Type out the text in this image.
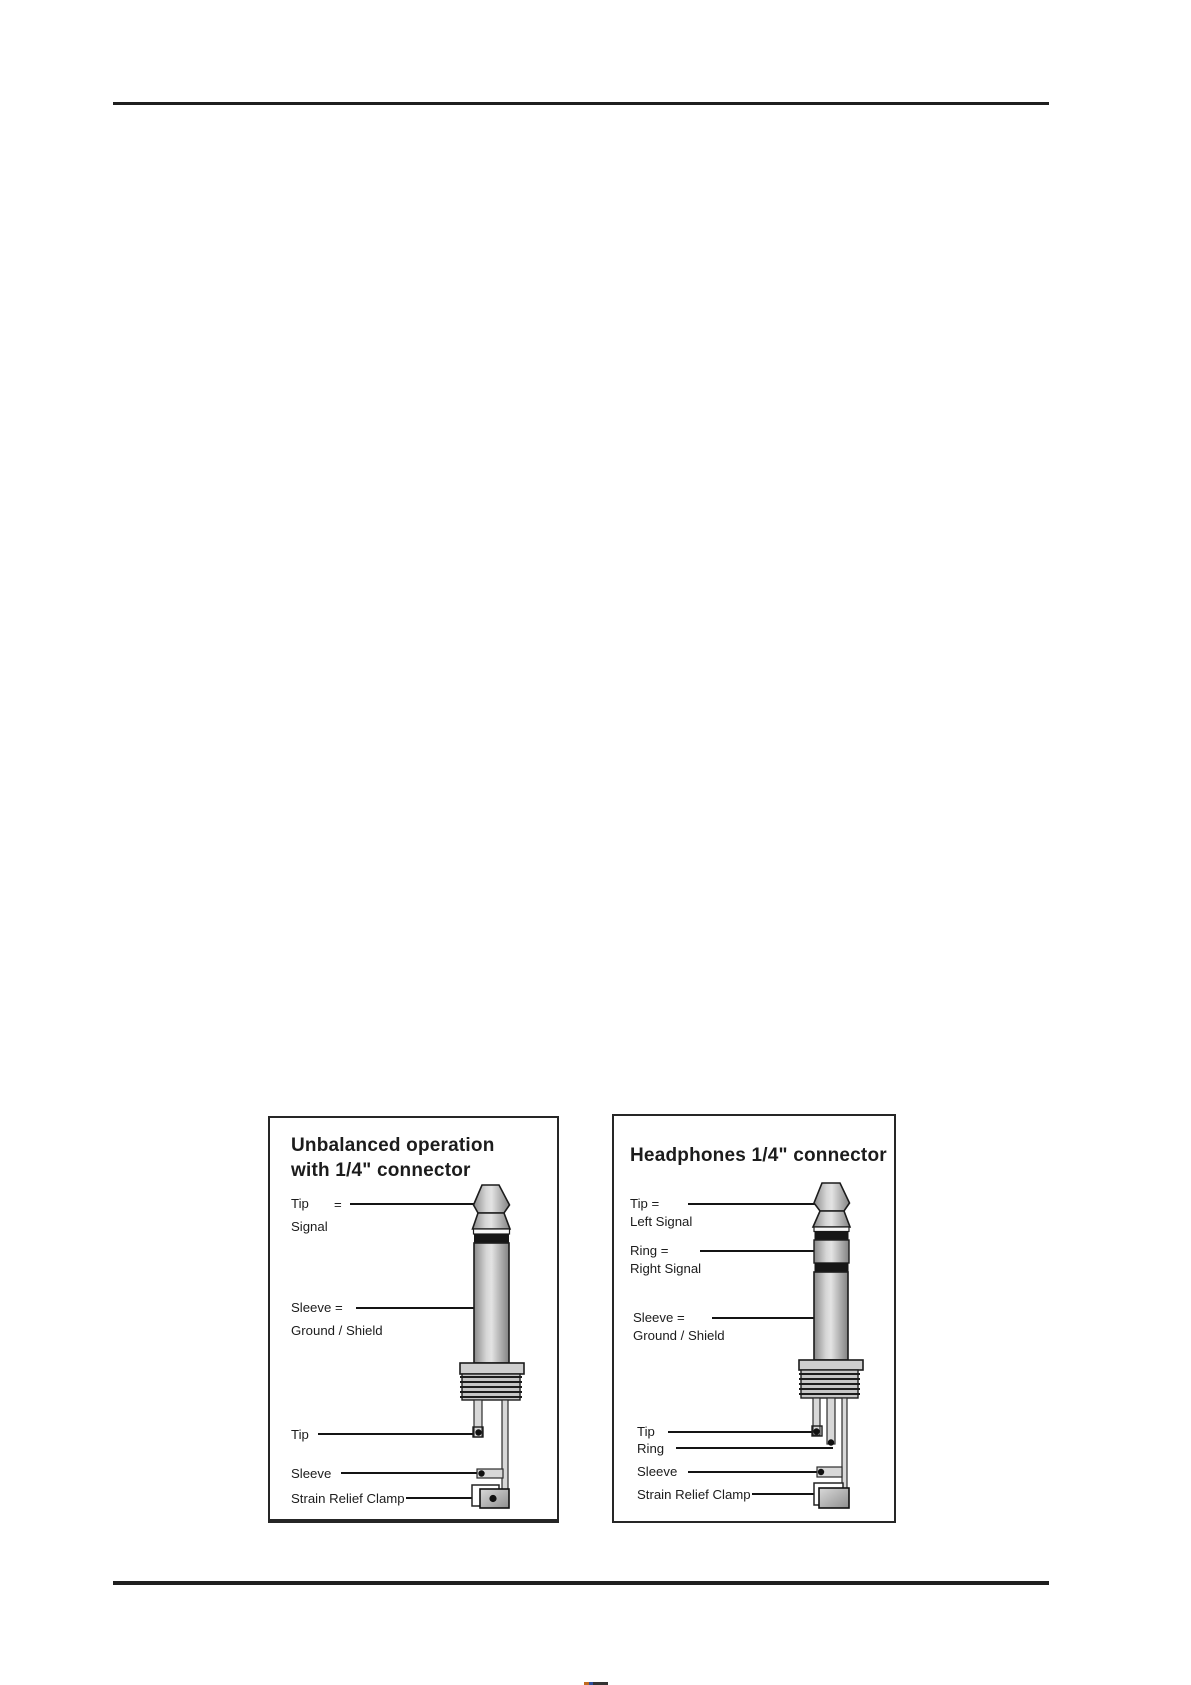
Unbalanced operation
with 1/4" connector
Tip =
Signal
Sleeve =
Ground / Shield
Tip
Sleeve
Strain Relief Clamp
Headphones 1/4" connector
Tip =
Left Signal
Ring =
Right Signal
Sleeve =
Ground / Shield
Tip
Ring
Sleeve
Strain Relief Clamp
